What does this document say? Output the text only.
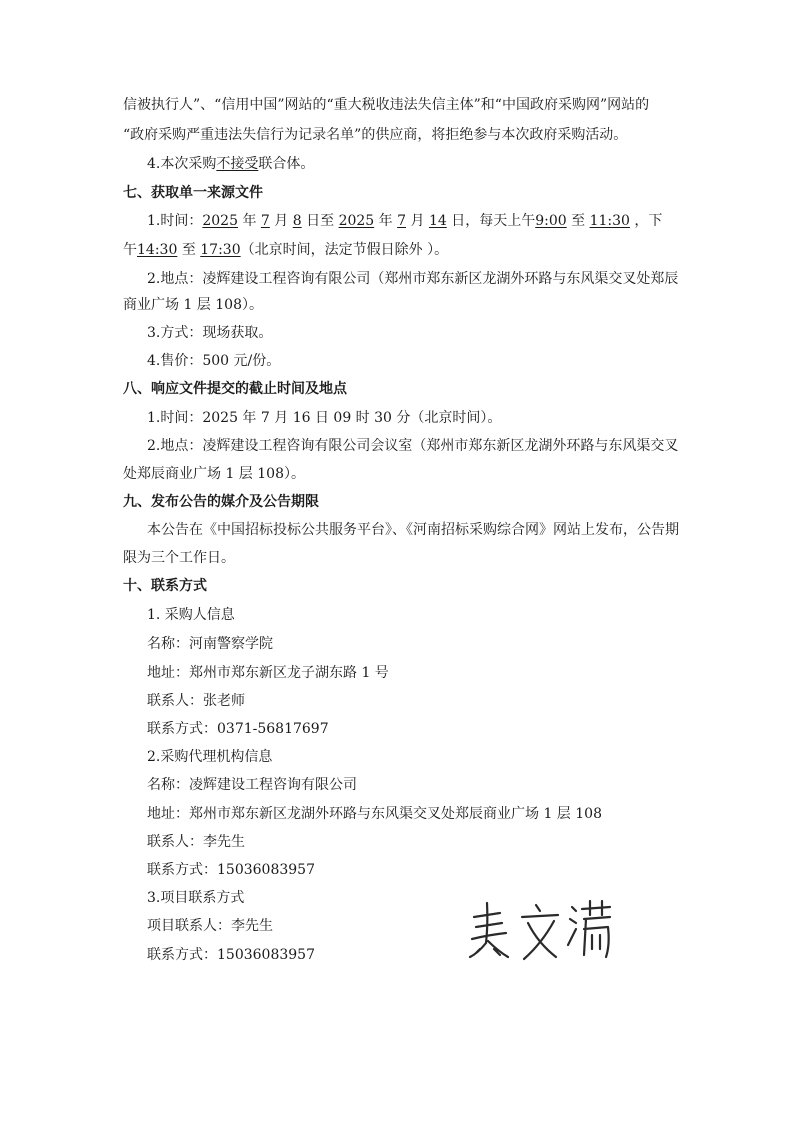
信被执行人”、“信用中国”网站的“重大税收违法失信主体”和“中国政府采购网”网站的
“政府采购严重违法失信行为记录名单”的供应商，将拒绝参与本次政府采购活动。
4.本次采购不接受联合体。
七、获取单一来源文件
1.时间：2025 年 7 月 8 日至 2025 年 7 月 14 日，每天上午9:00 至 11:30 ，下
午14:30 至 17:30（北京时间，法定节假日除外 ）。
2.地点：凌辉建设工程咨询有限公司（郑州市郑东新区龙湖外环路与东风渠交叉处郑辰
商业广场 1 层 108）。
3.方式：现场获取。
4.售价：500 元/份。
八、响应文件提交的截止时间及地点
1.时间：2025 年 7 月 16 日 09 时 30 分（北京时间）。
2.地点：凌辉建设工程咨询有限公司会议室（郑州市郑东新区龙湖外环路与东风渠交叉
处郑辰商业广场 1 层 108）。
九、发布公告的媒介及公告期限
本公告在《中国招标投标公共服务平台》、《河南招标采购综合网》网站上发布，公告期
限为三个工作日。
十、联系方式
1. 采购人信息
名称：河南警察学院
地址：郑州市郑东新区龙子湖东路 1 号
联系人：张老师
联系方式：0371-56817697
2.采购代理机构信息
名称：凌辉建设工程咨询有限公司
地址：郑州市郑东新区龙湖外环路与东风渠交叉处郑辰商业广场 1 层 108
联系人：李先生
联系方式：15036083957
3.项目联系方式
项目联系人：李先生
联系方式：15036083957
